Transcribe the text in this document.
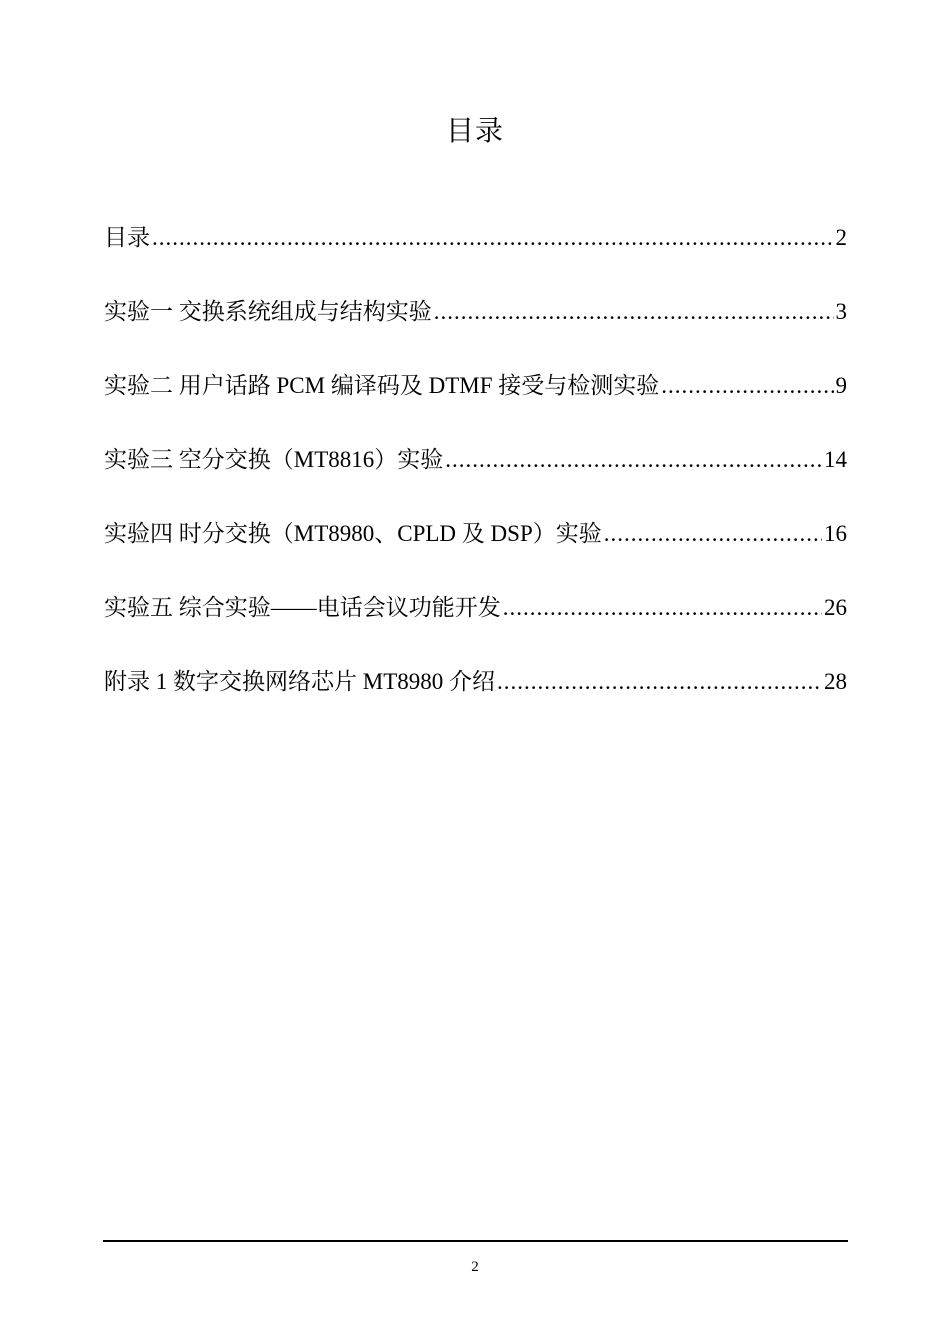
目录
目录 .....	2
实验一 交换系统组成与结构实验 .....	3
实验二 用户话路 PCM 编译码及 DTMF 接受与检测实验 .....	9
实验三 空分交换（MT8816）实验 .....	14
实验四 时分交换（MT8980、CPLD 及 DSP）实验 .....	16
实验五 综合实验——电话会议功能开发 .....	26
附录 1 数字交换网络芯片 MT8980 介绍 .....	28
2
